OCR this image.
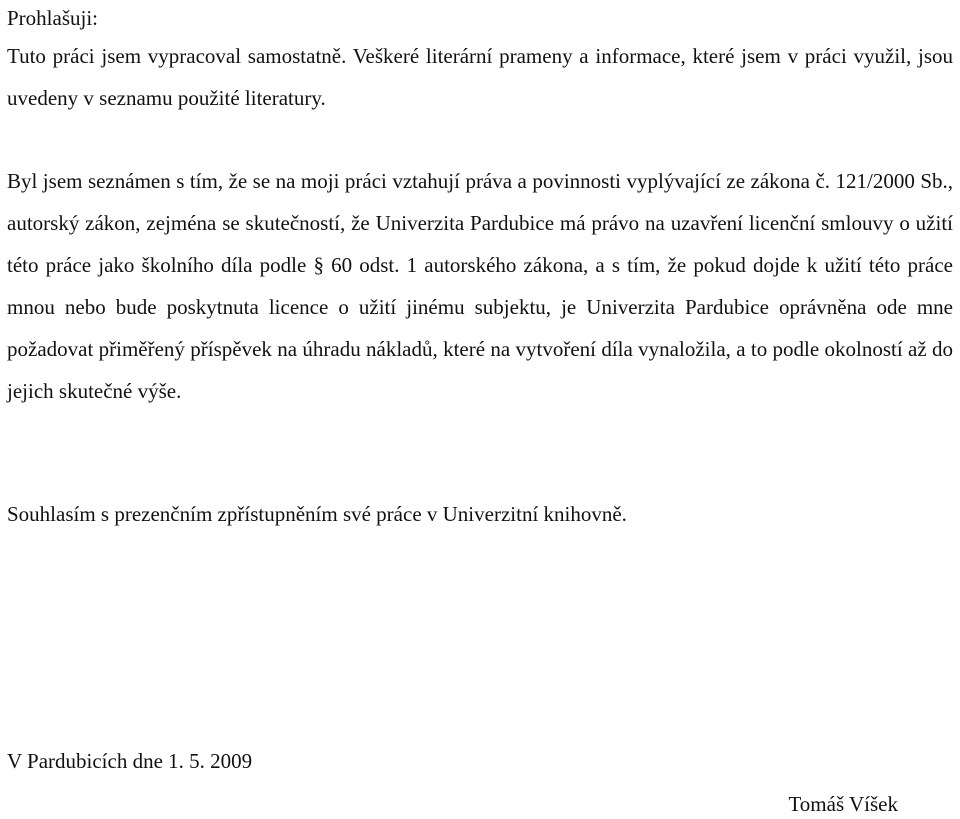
Prohlašuji:

Tuto práci jsem vypracoval samostatně. Veškeré literární prameny a informace, které jsem v práci využil, jsou uvedeny v seznamu použité literatury.

Byl jsem seznámen s tím, že se na moji práci vztahují práva a povinnosti vyplývající ze zákona č. 121/2000 Sb., autorský zákon, zejména se skutečností, že Univerzita Pardubice má právo na uzavření licenční smlouvy o užití této práce jako školního díla podle § 60 odst. 1 autorského zákona, a s tím, že pokud dojde k užití této práce mnou nebo bude poskytnuta licence o užití jinému subjektu, je Univerzita Pardubice oprávněna ode mne požadovat přiměřený příspěvek na úhradu nákladů, které na vytvoření díla vynaložila, a to podle okolností až do jejich skutečné výše.

Souhlasím s prezenčním zpřístupněním své práce v Univerzitní knihovně.

V Pardubicích dne 1. 5. 2009

Tomáš Víšek
